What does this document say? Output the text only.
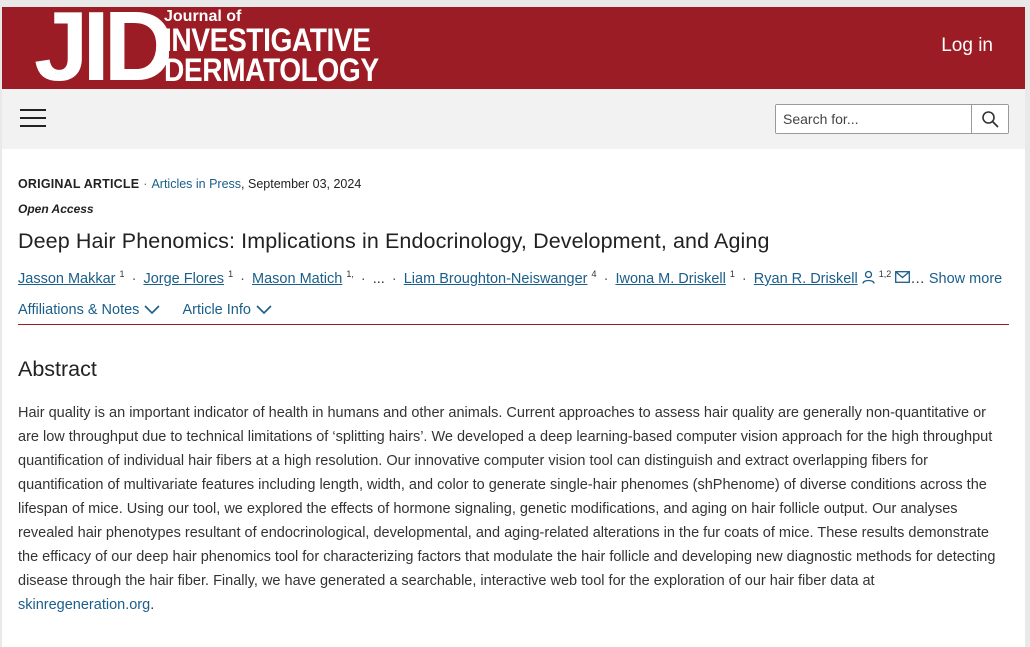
JID
Journal of
INVESTIGATIVE
DERMATOLOGY
Log in
Search for...
ORIGINAL ARTICLE · Articles in Press, September 03, 2024
Open Access
Deep Hair Phenomics: Implications in Endocrinology, Development, and Aging
Jasson Makkar $^1$ · Jorge Flores $^1$ · Mason Matich $^{1,}$ · ... · Liam Broughton-Neiswanger $^4$ · Iwona M. Driskell $^1$ · Ryan R. Driskell $^{1,2}$ … Show more
Affiliations & Notes	Article Info
Abstract
Hair quality is an important indicator of health in humans and other animals. Current approaches to assess hair quality are generally non-quantitative or are low throughput due to technical limitations of ‘splitting hairs’. We developed a deep learning-based computer vision approach for the high throughput quantification of individual hair fibers at a high resolution. Our innovative computer vision tool can distinguish and extract overlapping fibers for quantification of multivariate features including length, width, and color to generate single-hair phenomes (shPhenome) of diverse conditions across the lifespan of mice. Using our tool, we explored the effects of hormone signaling, genetic modifications, and aging on hair follicle output. Our analyses revealed hair phenotypes resultant of endocrinological, developmental, and aging-related alterations in the fur coats of mice. These results demonstrate the efficacy of our deep hair phenomics tool for characterizing factors that modulate the hair follicle and developing new diagnostic methods for detecting disease through the hair fiber. Finally, we have generated a searchable, interactive web tool for the exploration of our hair fiber data at skinregeneration.org.
